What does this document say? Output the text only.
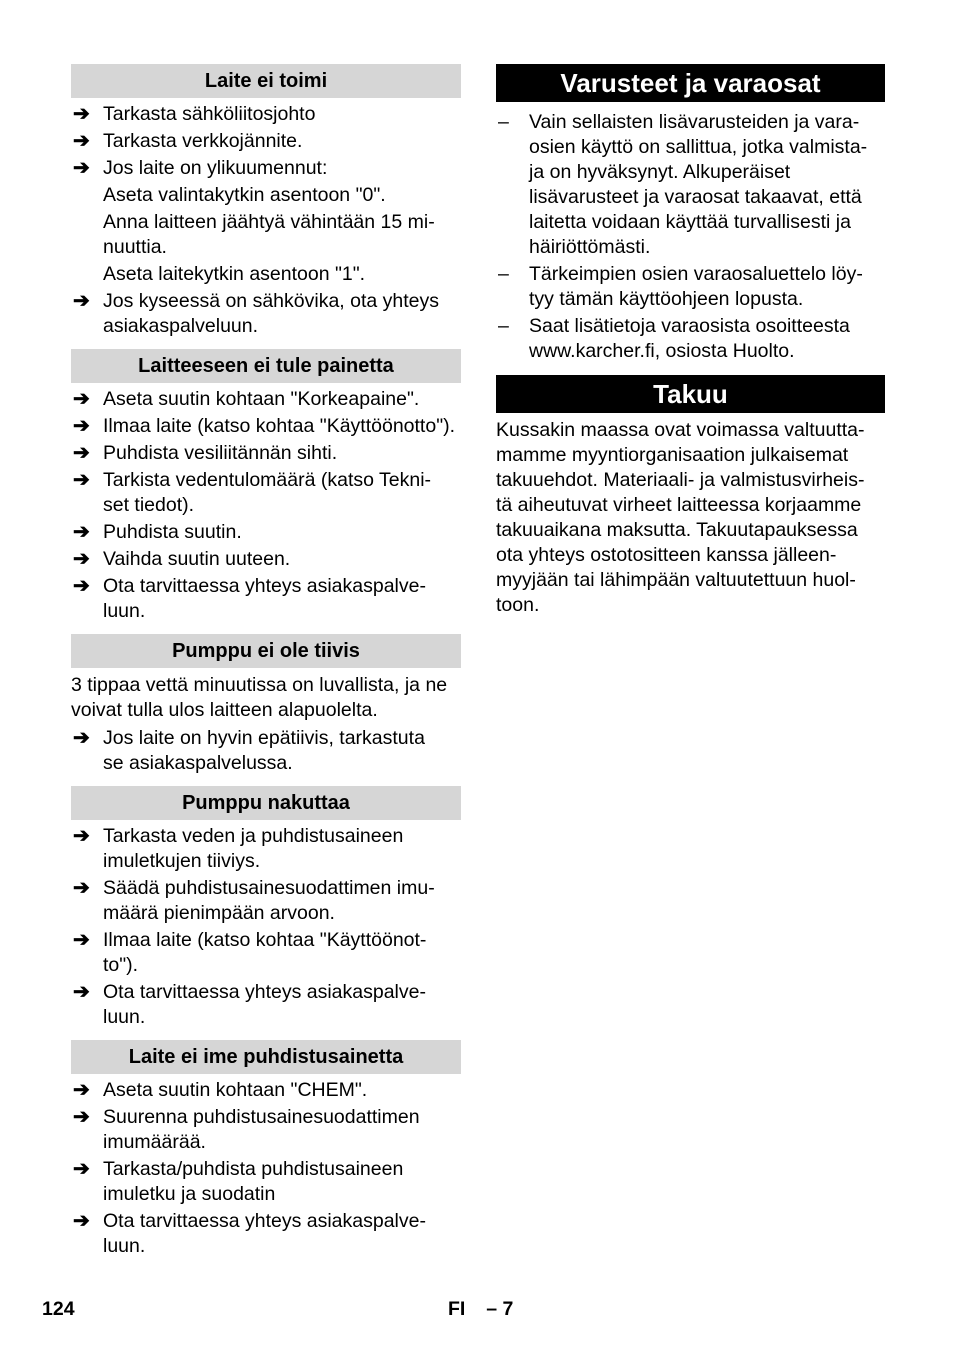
Laite ei toimi
➔ Tarkasta sähköliitosjohto
➔ Tarkasta verkkojännite.
➔ Jos laite on ylikuumennut:
Aseta valintakytkin asentoon "0".
Anna laitteen jäähtyä vähintään 15 mi-
nuuttia.
Aseta laitekytkin asentoon "1".
➔ Jos kyseessä on sähkövika, ota yhteys
asiakaspalveluun.
Laitteeseen ei tule painetta
➔ Aseta suutin kohtaan "Korkeapaine".
➔ Ilmaa laite (katso kohtaa "Käyttöönotto").
➔ Puhdista vesiliitännän sihti.
➔ Tarkista vedentulomäärä (katso Tekni-
set tiedot).
➔ Puhdista suutin.
➔ Vaihda suutin uuteen.
➔ Ota tarvittaessa yhteys asiakaspalve-
luun.
Pumppu ei ole tiivis

3 tippaa vettä minuutissa on luvallista, ja ne
voivat tulla ulos laitteen alapuolelta.

➔ Jos laite on hyvin epätiivis, tarkastuta
se asiakaspalvelussa.
Pumppu nakuttaa
➔ Tarkasta veden ja puhdistusaineen
imuletkujen tiiviys.
➔ Säädä puhdistusainesuodattimen imu-
määrä pienimpään arvoon.
➔ Ilmaa laite (katso kohtaa "Käyttöönot-
to").
➔ Ota tarvittaessa yhteys asiakaspalve-
luun.
Laite ei ime puhdistusainetta
➔ Aseta suutin kohtaan "CHEM".
➔ Suurenna puhdistusainesuodattimen
imumäärää.
➔ Tarkasta/puhdista puhdistusaineen
imuletku ja suodatin
➔ Ota tarvittaessa yhteys asiakaspalve-
luun.
Varusteet ja varaosat
– Vain sellaisten lisävarusteiden ja vara-
osien käyttö on sallittua, jotka valmista-
ja on hyväksynyt. Alkuperäiset
lisävarusteet ja varaosat takaavat, että
laitetta voidaan käyttää turvallisesti ja
häiriöttömästi.
– Tärkeimpien osien varaosaluettelo löy-
tyy tämän käyttöohjeen lopusta.
– Saat lisätietoja varaosista osoitteesta
www.karcher.fi, osiosta Huolto.
Takuu

Kussakin maassa ovat voimassa valtuutta-
mamme myyntiorganisaation julkaisemat
takuuehdot. Materiaali- ja valmistusvirheis-
tä aiheutuvat virheet laitteessa korjaamme
takuuaikana maksutta. Takuutapauksessa
ota yhteys ostotositteen kanssa jälleen-
myyjään tai lähimpään valtuutettuun huol-
toon.

124	FI – 7
